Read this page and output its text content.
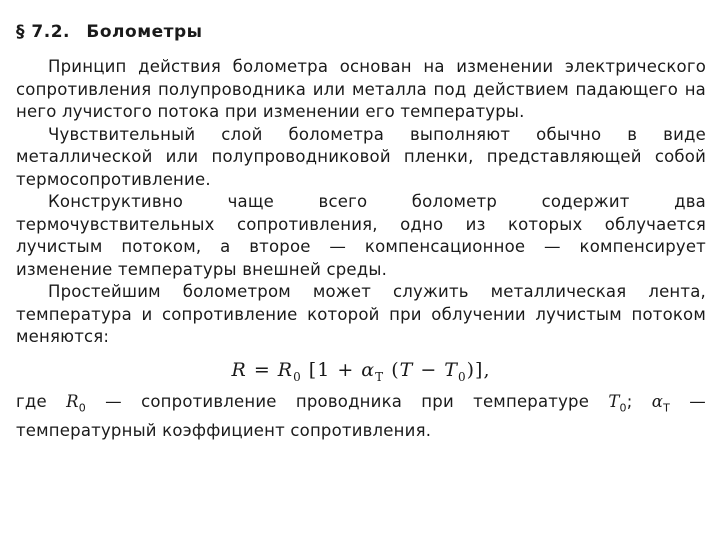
§ 7.2. Болометры

Принцип действия болометра основан на изменении электрического сопротивления полупроводника или металла под действием падающего на него лучистого потока при изменении его температуры.

Чувствительный слой болометра выполняют обычно в виде металлической или полупроводниковой пленки, представляющей собой термосопротивление.

Конструктивно чаще всего болометр содержит два термочувствительных сопротивления, одно из которых облучается лучистым потоком, а второе — компенсационное — компенсирует изменение температуры внешней среды.

Простейшим болометром может служить металлическая лента, температура и сопротивление которой при облучении лучистым потоком меняются:

$R = R_0$ [$1 + \alpha_T$ $(T - T_0)$],

где $R_0$ — сопротивление проводника при температуре $T_0$; $\alpha_T$ — температурный коэффициент сопротивления.
